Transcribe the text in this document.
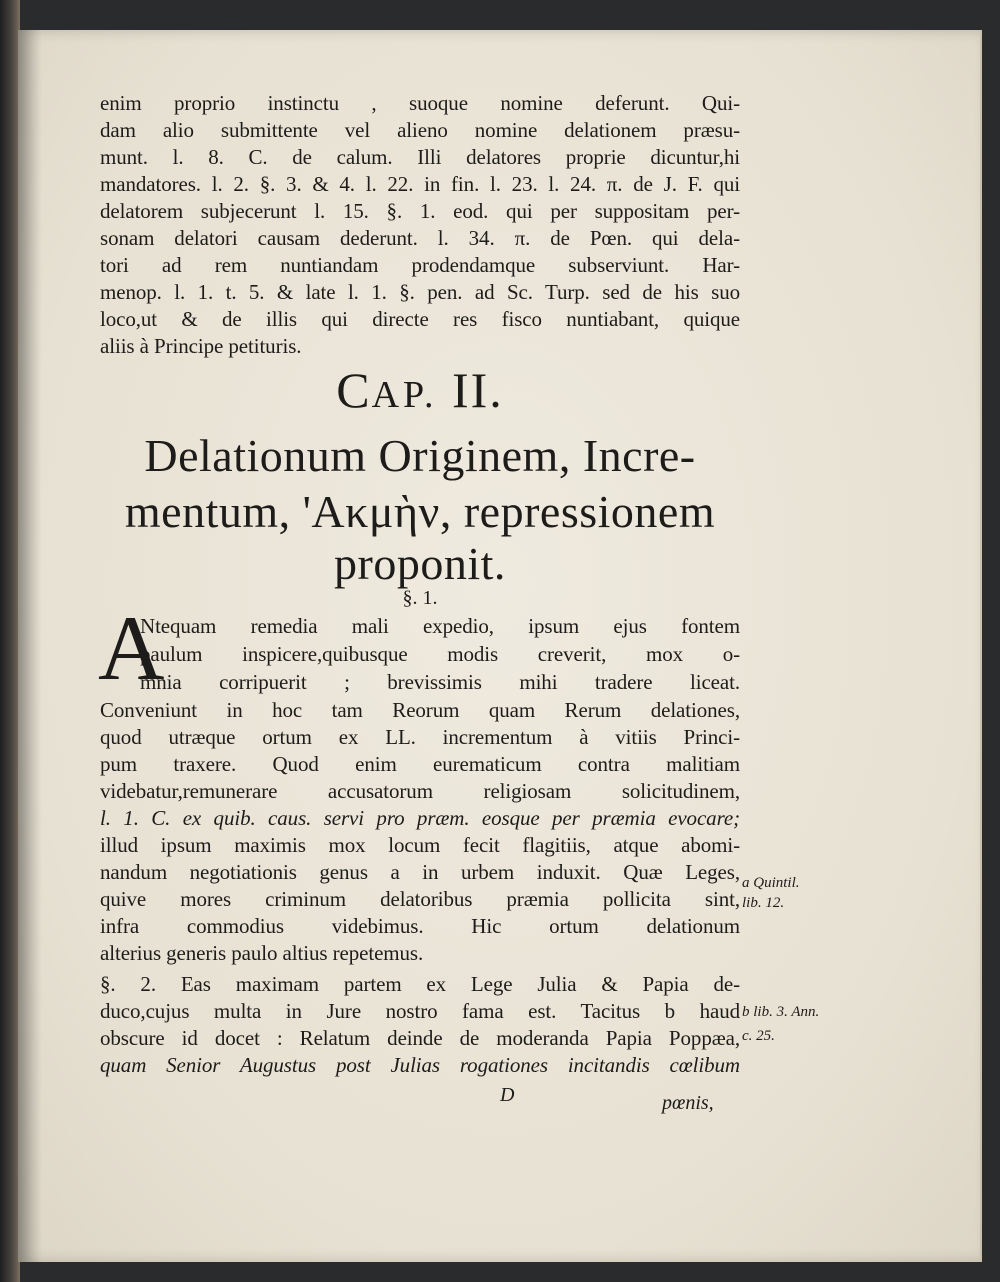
enim proprio instinctu , suoque nomine deferunt. Qui-
dam alio submittente vel alieno nomine delationem præsu-
munt. l. 8. C. de calum. Illi delatores proprie dicuntur,hi
mandatores. l. 2. §. 3. & 4. l. 22. in fin. l. 23. l. 24. π. de J. F. qui
delatorem subjecerunt l. 15. §. 1. eod. qui per suppositam per-
sonam delatori causam dederunt. l. 34. π. de Pœn. qui dela-
tori ad rem nuntiandam prodendamque subserviunt. Har-
menop. l. 1. t. 5. & late l. 1. §. pen. ad Sc. Turp. sed de his suo
loco,ut & de illis qui directe res fisco nuntiabant, quique
aliis à Principe petituris.
CAP. II.
Delationum Originem, Incre-
mentum, 'Ακμὴν, repressionem
proponit.
§. 1.
A
Ntequam remedia mali expedio, ipsum ejus fontem
paulum inspicere,quibusque modis creverit, mox o-
mnia corripuerit ; brevissimis mihi tradere liceat.
Conveniunt in hoc tam Reorum quam Rerum delationes,
quod utræque ortum ex LL. incrementum à vitiis Princi-
pum traxere. Quod enim eurematicum contra malitiam
videbatur,remunerare accusatorum religiosam solicitudinem,
l. 1. C. ex quib. caus. servi pro præm. eosque per præmia evocare;
illud ipsum maximis mox locum fecit flagitiis, atque abomi-
nandum negotiationis genus a in urbem induxit. Quæ Leges,
quive mores criminum delatoribus præmia pollicita sint,
infra commodius videbimus. Hic ortum delationum
alterius generis paulo altius repetemus.
§. 2. Eas maximam partem ex Lege Julia & Papia de-
duco,cujus multa in Jure nostro fama est. Tacitus b haud
obscure id docet : Relatum deinde de moderanda Papia Poppæa,
quam Senior Augustus post Julias rogationes incitandis cœlibum
a Quintil.
lib. 12.
b lib. 3. Ann.
c. 25.
D	pœnis,
